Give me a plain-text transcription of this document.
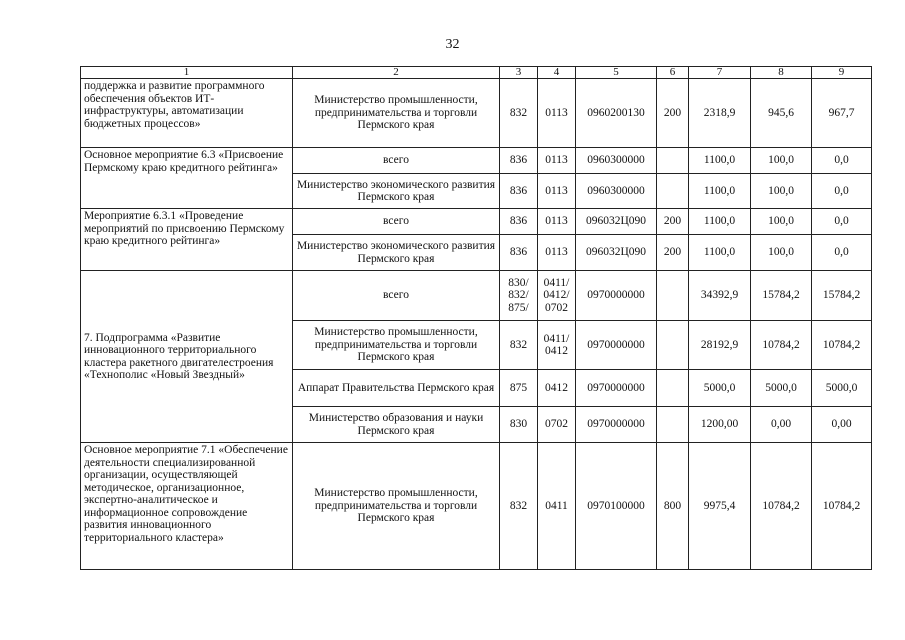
32
1	2	3	4	5	6	7	8	9
поддержка и развитие программного обеспечения объектов ИТ-инфраструктуры, автоматизации бюджетных процессов»	Министерство промышленности, предпринимательства и торговли Пермского края	832	0113	0960200130	200	2318,9	945,6	967,7
Основное мероприятие 6.3 «Присвоение Пермскому краю кредитного рейтинга»	всего	836	0113	0960300000		1100,0	100,0	0,0
	Министерство экономического развития Пермского края	836	0113	0960300000		1100,0	100,0	0,0
Мероприятие 6.3.1 «Проведение мероприятий по присвоению Пермскому краю кредитного рейтинга»	всего	836	0113	096032Ц090	200	1100,0	100,0	0,0
	Министерство экономического развития Пермского края	836	0113	096032Ц090	200	1100,0	100,0	0,0
7. Подпрограмма «Развитие инновационного территориального кластера ракетного двигателестроения «Технополис «Новый Звездный»	всего	830/ 832/ 875/	0411/ 0412/ 0702	0970000000		34392,9	15784,2	15784,2
	Министерство промышленности, предпринимательства и торговли Пермского края	832	0411/ 0412	0970000000		28192,9	10784,2	10784,2
	Аппарат Правительства Пермского края	875	0412	0970000000		5000,0	5000,0	5000,0
	Министерство образования и науки Пермского края	830	0702	0970000000		1200,00	0,00	0,00
Основное мероприятие 7.1 «Обеспечение деятельности специализированной организации, осуществляющей методическое, организационное, экспертно-аналитическое и информационное сопровождение развития инновационного территориального кластера»	Министерство промышленности, предпринимательства и торговли Пермского края	832	0411	0970100000	800	9975,4	10784,2	10784,2
